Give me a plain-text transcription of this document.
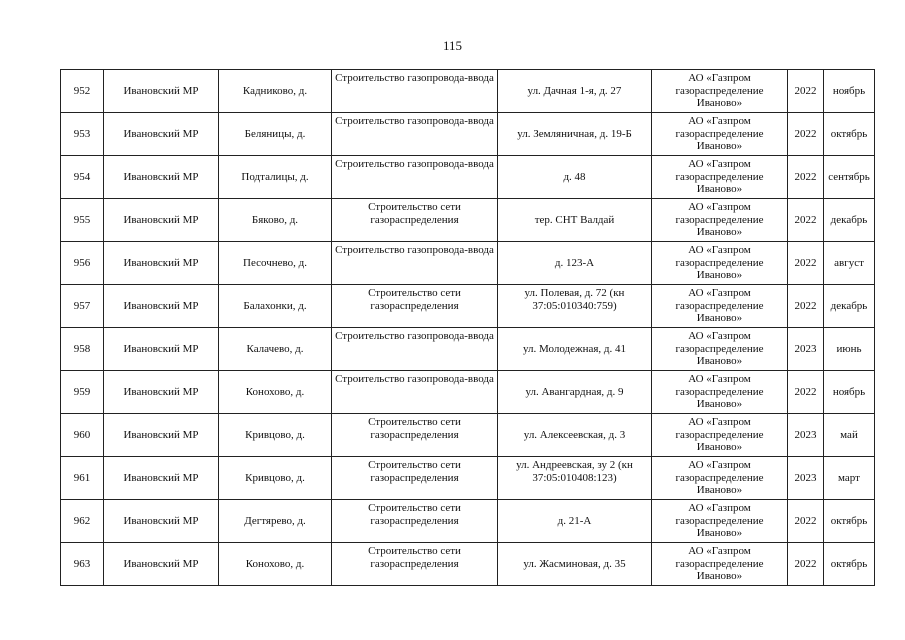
115
952	Ивановский МР	Кадниково, д.	Строительство газопровода-ввода	ул. Дачная 1-я, д. 27	АО «Газпром газораспределение Иваново»	2022	ноябрь
953	Ивановский МР	Беляницы, д.	Строительство газопровода-ввода	ул. Земляничная, д. 19-Б	АО «Газпром газораспределение Иваново»	2022	октябрь
954	Ивановский МР	Подталицы, д.	Строительство газопровода-ввода	д. 48	АО «Газпром газораспределение Иваново»	2022	сентябрь
955	Ивановский МР	Бяково, д.	Строительство сети газораспределения	тер. СНТ Валдай	АО «Газпром газораспределение Иваново»	2022	декабрь
956	Ивановский МР	Песочнево, д.	Строительство газопровода-ввода	д. 123-А	АО «Газпром газораспределение Иваново»	2022	август
957	Ивановский МР	Балахонки, д.	Строительство сети газораспределения	ул. Полевая, д. 72 (кн 37:05:010340:759)	АО «Газпром газораспределение Иваново»	2022	декабрь
958	Ивановский МР	Калачево, д.	Строительство газопровода-ввода	ул. Молодежная, д. 41	АО «Газпром газораспределение Иваново»	2023	июнь
959	Ивановский МР	Конохово, д.	Строительство газопровода-ввода	ул. Авангардная, д. 9	АО «Газпром газораспределение Иваново»	2022	ноябрь
960	Ивановский МР	Кривцово, д.	Строительство сети газораспределения	ул. Алексеевская, д. 3	АО «Газпром газораспределение Иваново»	2023	май
961	Ивановский МР	Кривцово, д.	Строительство сети газораспределения	ул. Андреевская, зу 2 (кн 37:05:010408:123)	АО «Газпром газораспределение Иваново»	2023	март
962	Ивановский МР	Дегтярево, д.	Строительство сети газораспределения	д. 21-А	АО «Газпром газораспределение Иваново»	2022	октябрь
963	Ивановский МР	Конохово, д.	Строительство сети газораспределения	ул. Жасминовая, д. 35	АО «Газпром газораспределение Иваново»	2022	октябрь
